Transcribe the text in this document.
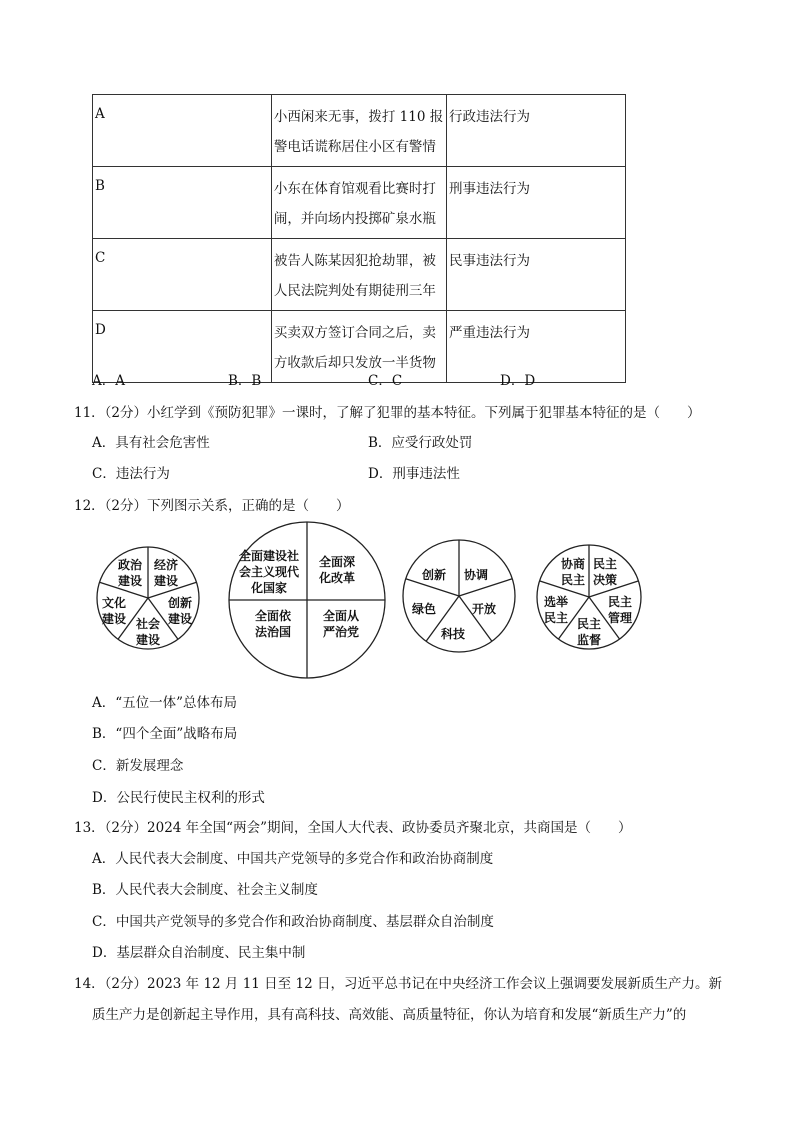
A	小西闲来无事，拨打 110 报
警电话谎称居住小区有警情	行政违法行为
B	小东在体育馆观看比赛时打
闹，并向场内投掷矿泉水瓶	刑事违法行为
C	被告人陈某因犯抢劫罪，被
人民法院判处有期徒刑三年	民事违法行为
D	买卖双方签订合同之后，卖
方收款后却只发放一半货物	严重违法行为
A．A	B．B	C．C	D．D
11．（2分）小红学到《预防犯罪》一课时，了解了犯罪的基本特征。下列属于犯罪基本特征的是（　　）
A．具有社会危害性	B．应受行政处罚
C．违法行为	D．刑事违法性
12．（2分）下列图示关系，正确的是（　　）
政治
建设
经济
建设
创新
建设
社会
建设
文化
建设
全面建设社
会主义现代
化国家
全面深
化改革
全面依
法治国
全面从
严治党
创新 协调
开放
科技
绿色
协商
民主
民主
决策
民主
管理
民主
监督
选举
民主
A．“五位一体”总体布局
B．“四个全面”战略布局
C．新发展理念
D．公民行使民主权利的形式
13．（2分）2024 年全国“两会”期间，全国人大代表、政协委员齐聚北京，共商国是（　　）
A．人民代表大会制度、中国共产党领导的多党合作和政治协商制度
B．人民代表大会制度、社会主义制度
C．中国共产党领导的多党合作和政治协商制度、基层群众自治制度
D．基层群众自治制度、民主集中制
14．（2分）2023 年 12 月 11 日至 12 日，习近平总书记在中央经济工作会议上强调要发展新质生产力。新
质生产力是创新起主导作用，具有高科技、高效能、高质量特征，你认为培育和发展“新质生产力”的
